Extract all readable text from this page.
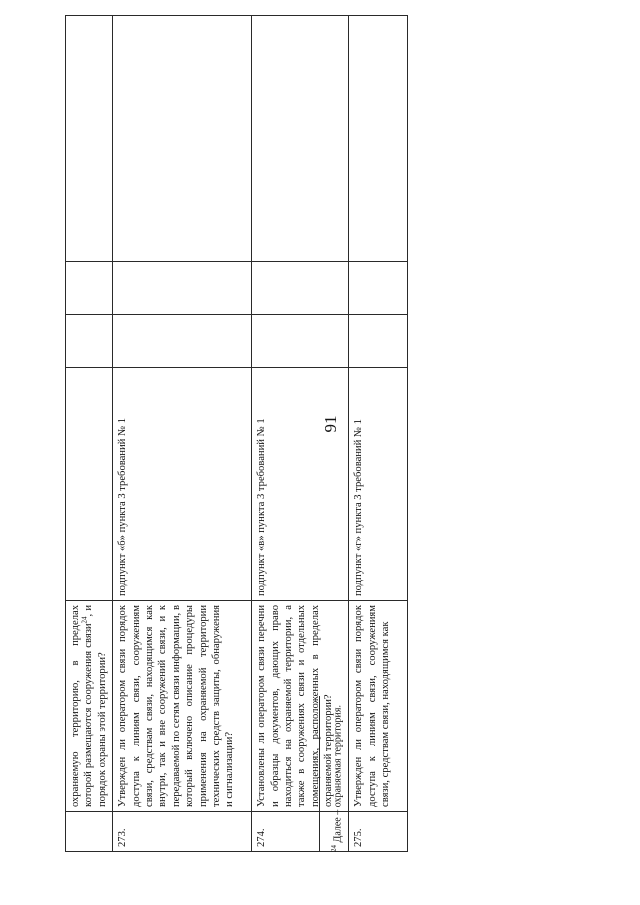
91
	охраняемую территорию, в пределах которой размещаются сооружения связи$^{24}$, и порядок охраны этой территории?				
273.	Утвержден ли оператором связи порядок доступа к линиям связи, сооружениям связи, средствам связи, находящимся как внутри, так и вне сооружений связи, и к передаваемой по сетям связи информации, в который включено описание процедуры применения на охраняемой территории технических средств защиты, обнаружения и сигнализации?	подпункт «б» пункта 3 требований № 1			
274.	Установлены ли оператором связи перечни и образцы документов, дающих право находиться на охраняемой территории, а также в сооружениях связи и отдельных помещениях, расположенных в пределах охраняемой территории?	подпункт «в» пункта 3 требований № 1			
275.	Утвержден ли оператором связи порядок доступа к линиям связи, сооружениям связи, средствам связи, находящимся как	подпункт «г» пункта 3 требований № 1			
$^{24}$ Далее – охраняемая территория.
